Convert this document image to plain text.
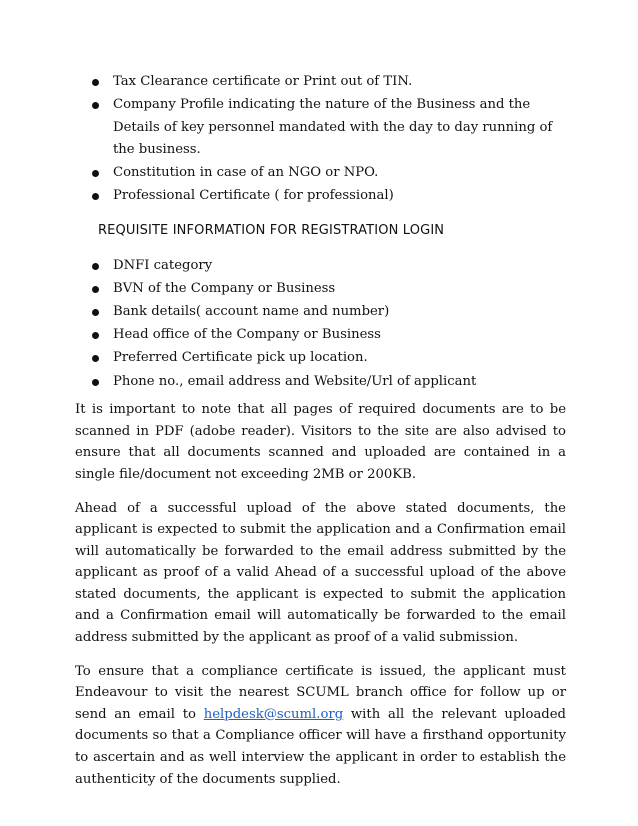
Tax Clearance certificate or Print out of TIN.
Company Profile indicating the nature of the Business and the Details of key personnel mandated with the day to day running of the business.
Constitution in case of an NGO or NPO.
Professional Certificate ( for professional)
REQUISITE INFORMATION FOR REGISTRATION LOGIN
DNFI category
BVN of the Company or Business
Bank details( account name and number)
Head office of the Company or Business
Preferred Certificate pick up location.
Phone no., email address and Website/Url of applicant

It is important to note that all pages of required documents are to be scanned in PDF (adobe reader). Visitors to the site are also advised to ensure that all documents scanned and uploaded are contained in a single file/document not exceeding 2MB or 200KB.

Ahead of a successful upload of the above stated documents, the applicant is expected to submit the application and a Confirmation email will automatically be forwarded to the email address submitted by the applicant as proof of a valid Ahead of a successful upload of the above stated documents, the applicant is expected to submit the application and a Confirmation email will automatically be forwarded to the email address submitted by the applicant as proof of a valid submission.

To ensure that a compliance certificate is issued, the applicant must Endeavour to visit the nearest SCUML branch office for follow up or send an email to helpdesk@scuml.org with all the relevant uploaded documents so that a Compliance officer will have a firsthand opportunity to ascertain and as well interview the applicant in order to establish the authenticity of the documents supplied.
